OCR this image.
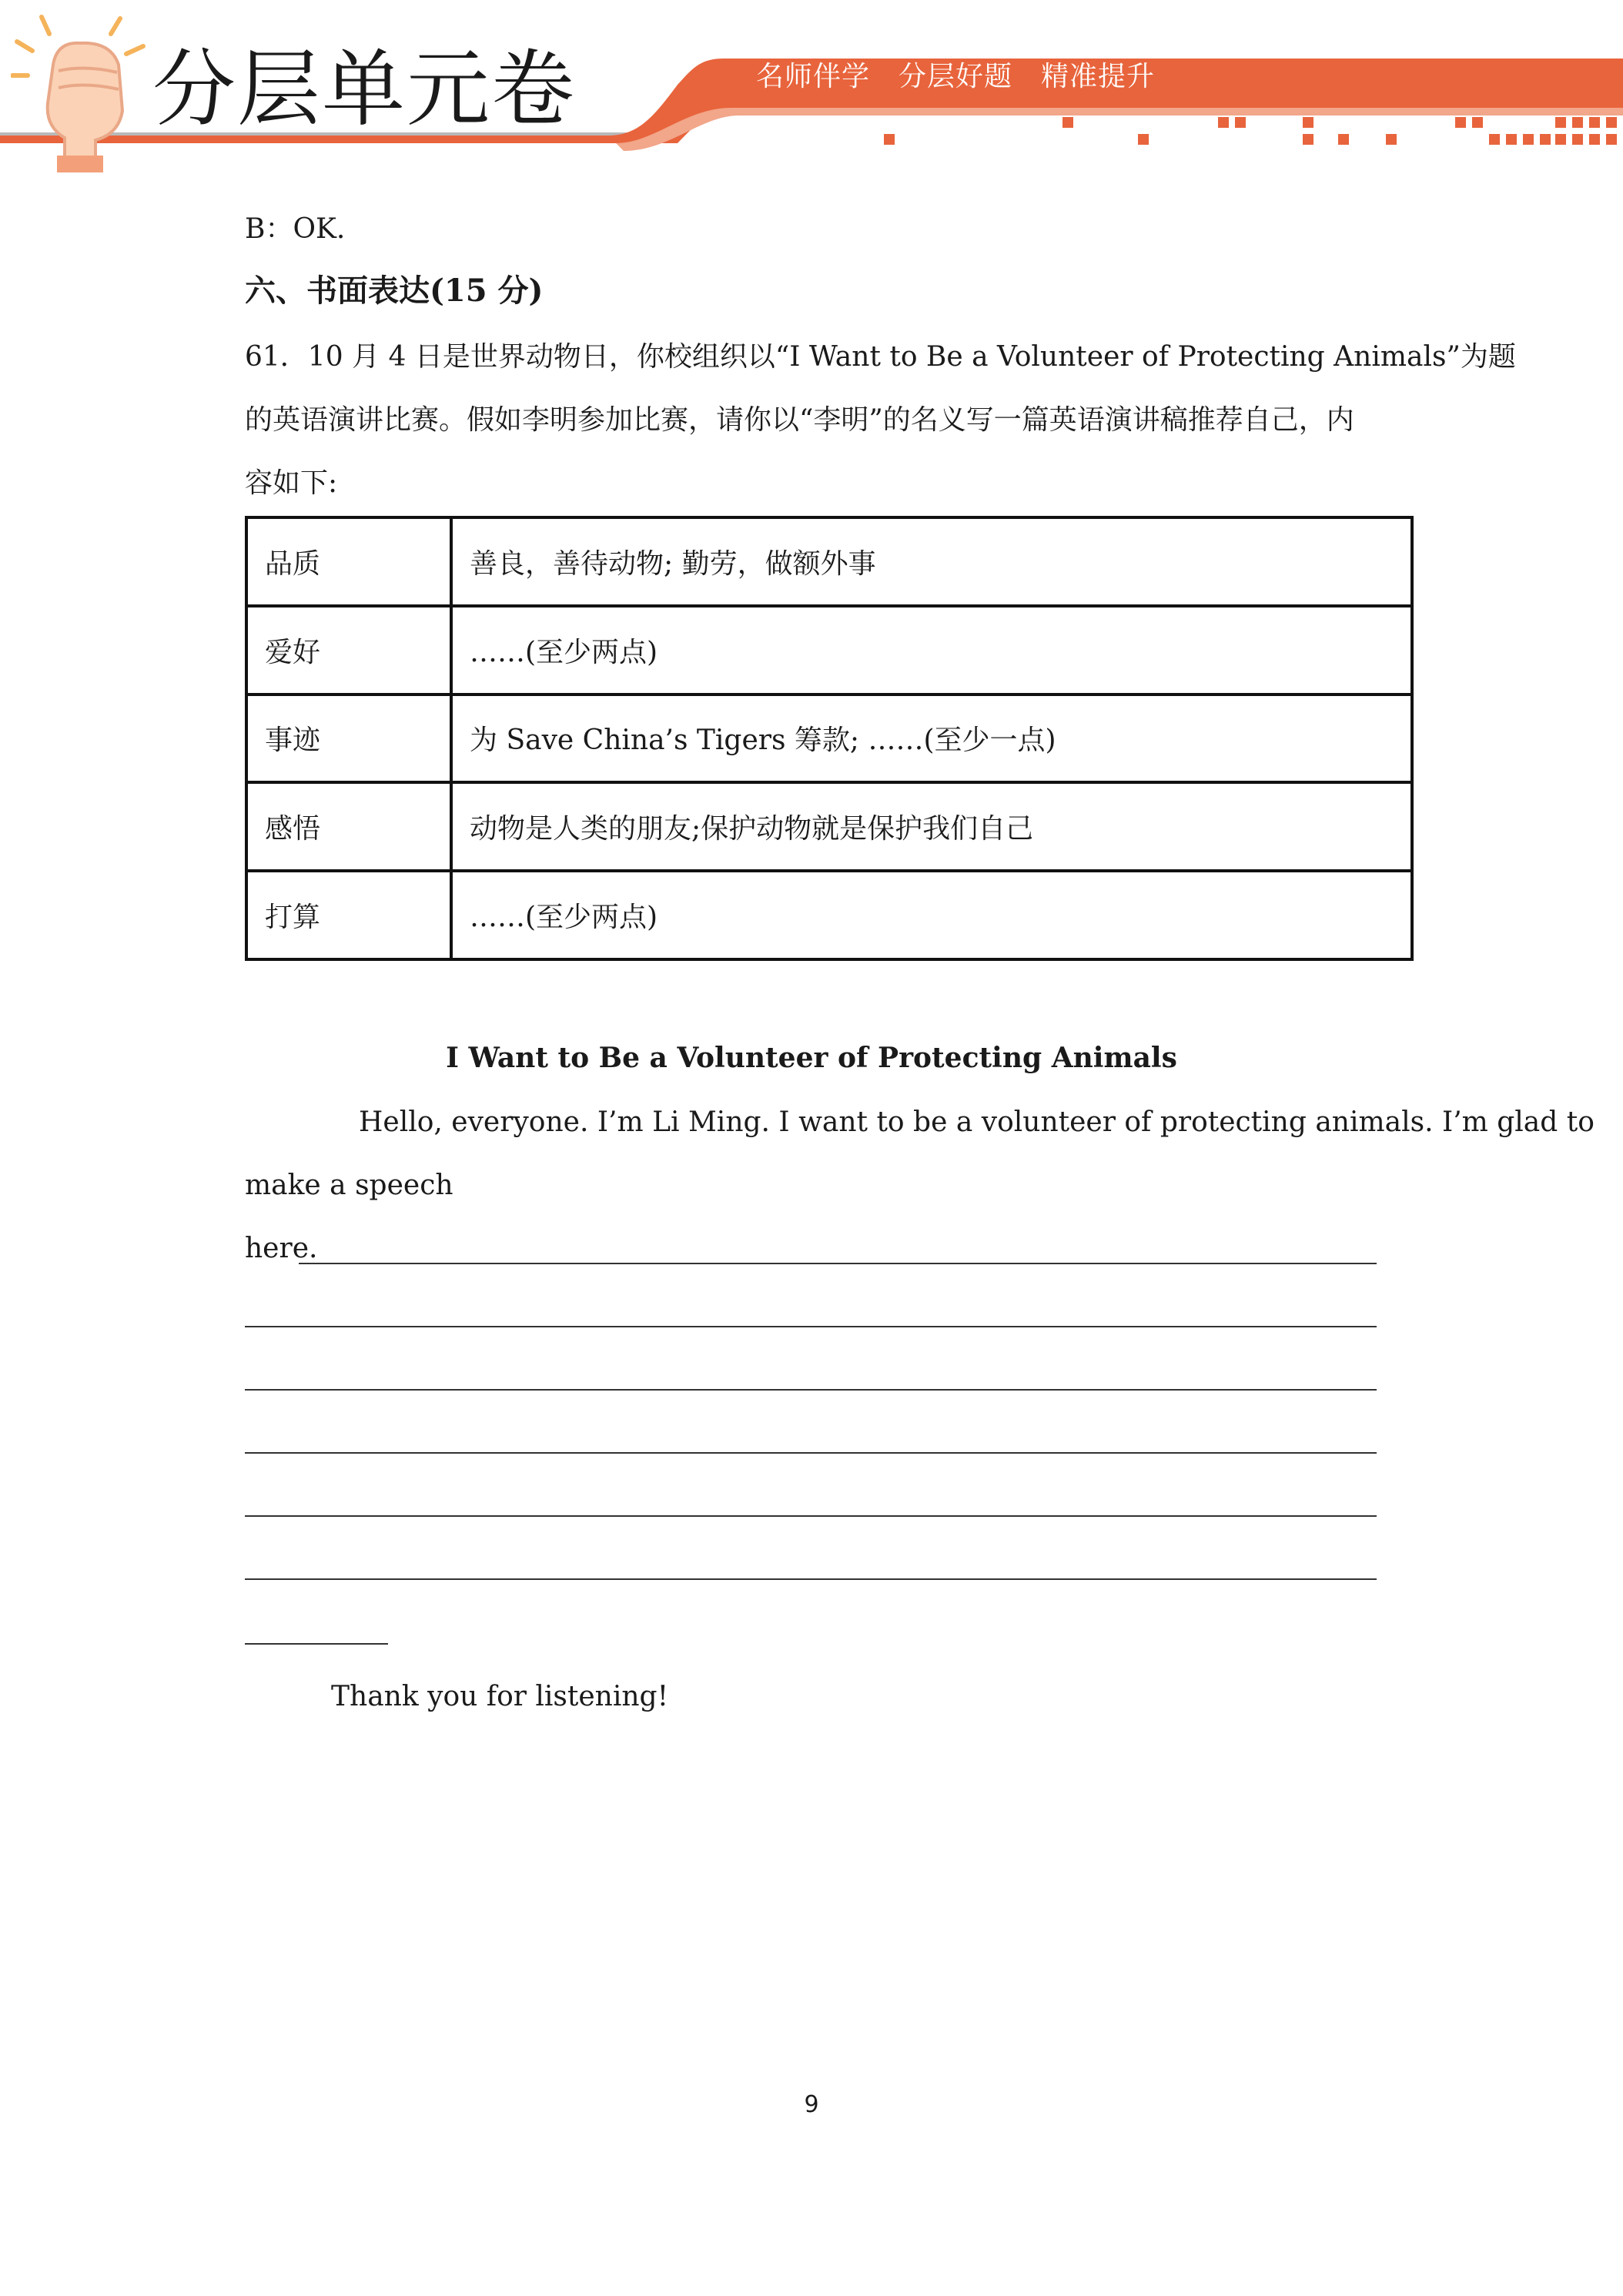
分层单元卷	名师伴学　分层好题　精准提升
B：OK.
六、书面表达(15 分)
61．10 月 4 日是世界动物日，你校组织以“I Want to Be a Volunteer of Protecting Animals”为题
的英语演讲比赛。假如李明参加比赛，请你以“李明”的名义写一篇英语演讲稿推荐自己，内
容如下:
品质	善良，善待动物; 勤劳，做额外事
爱好	……(至少两点)
事迹	为 Save China’s Tigers 筹款; ……(至少一点)
感悟	动物是人类的朋友;保护动物就是保护我们自己
打算	……(至少两点)
I Want to Be a Volunteer of Protecting Animals
Hello, everyone. I’m Li Ming. I want to be a volunteer of protecting animals. I’m glad to
make a speech
here.
Thank you for listening!
9
